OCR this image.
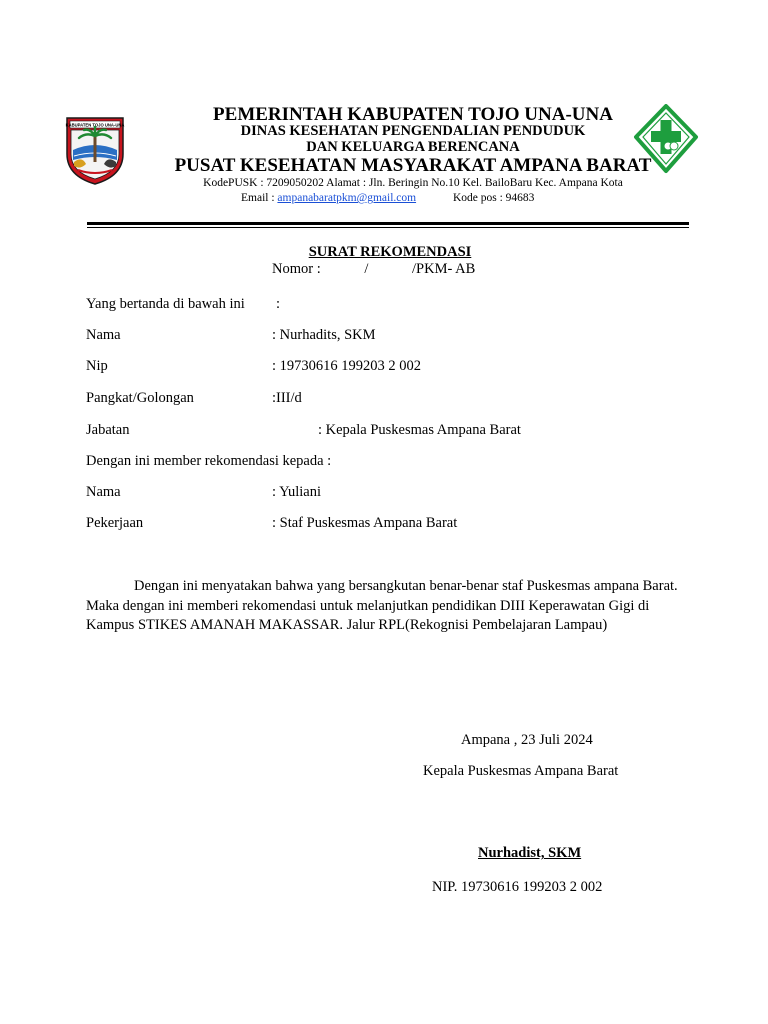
KABUPATEN TOJO UNA-UNA	PEMERINTAH KABUPATEN TOJO UNA-UNA
DINAS KESEHATAN PENGENDALIAN PENDUDUK
DAN KELUARGA BERENCANA
PUSAT KESEHATAN MASYARAKAT AMPANA BARAT
KodePUSK : 7209050202 Alamat : Jln. Beringin No.10 Kel. BailoBaru Kec. Ampana Kota
Email : ampanabaratpkm@gmail.com	Kode pos : 94683
SURAT REKOMENDASI
Nomor :	/	/PKM- AB
Yang bertanda di bawah ini :
Nama	: Nurhadits, SKM
Nip	: 19730616 199203 2 002
Pangkat/Golongan	:III/d
Jabatan	: Kepala Puskesmas Ampana Barat
Dengan ini member rekomendasi kepada :
Nama	: Yuliani
Pekerjaan	: Staf Puskesmas Ampana Barat
Dengan ini menyatakan bahwa yang bersangkutan benar-benar staf Puskesmas ampana Barat.
Maka dengan ini memberi rekomendasi untuk melanjutkan pendidikan DIII Keperawatan Gigi di
Kampus STIKES AMANAH MAKASSAR. Jalur RPL(Rekognisi Pembelajaran Lampau)
Ampana , 23 Juli 2024
Kepala Puskesmas Ampana Barat
Nurhadist, SKM
NIP. 19730616 199203 2 002
